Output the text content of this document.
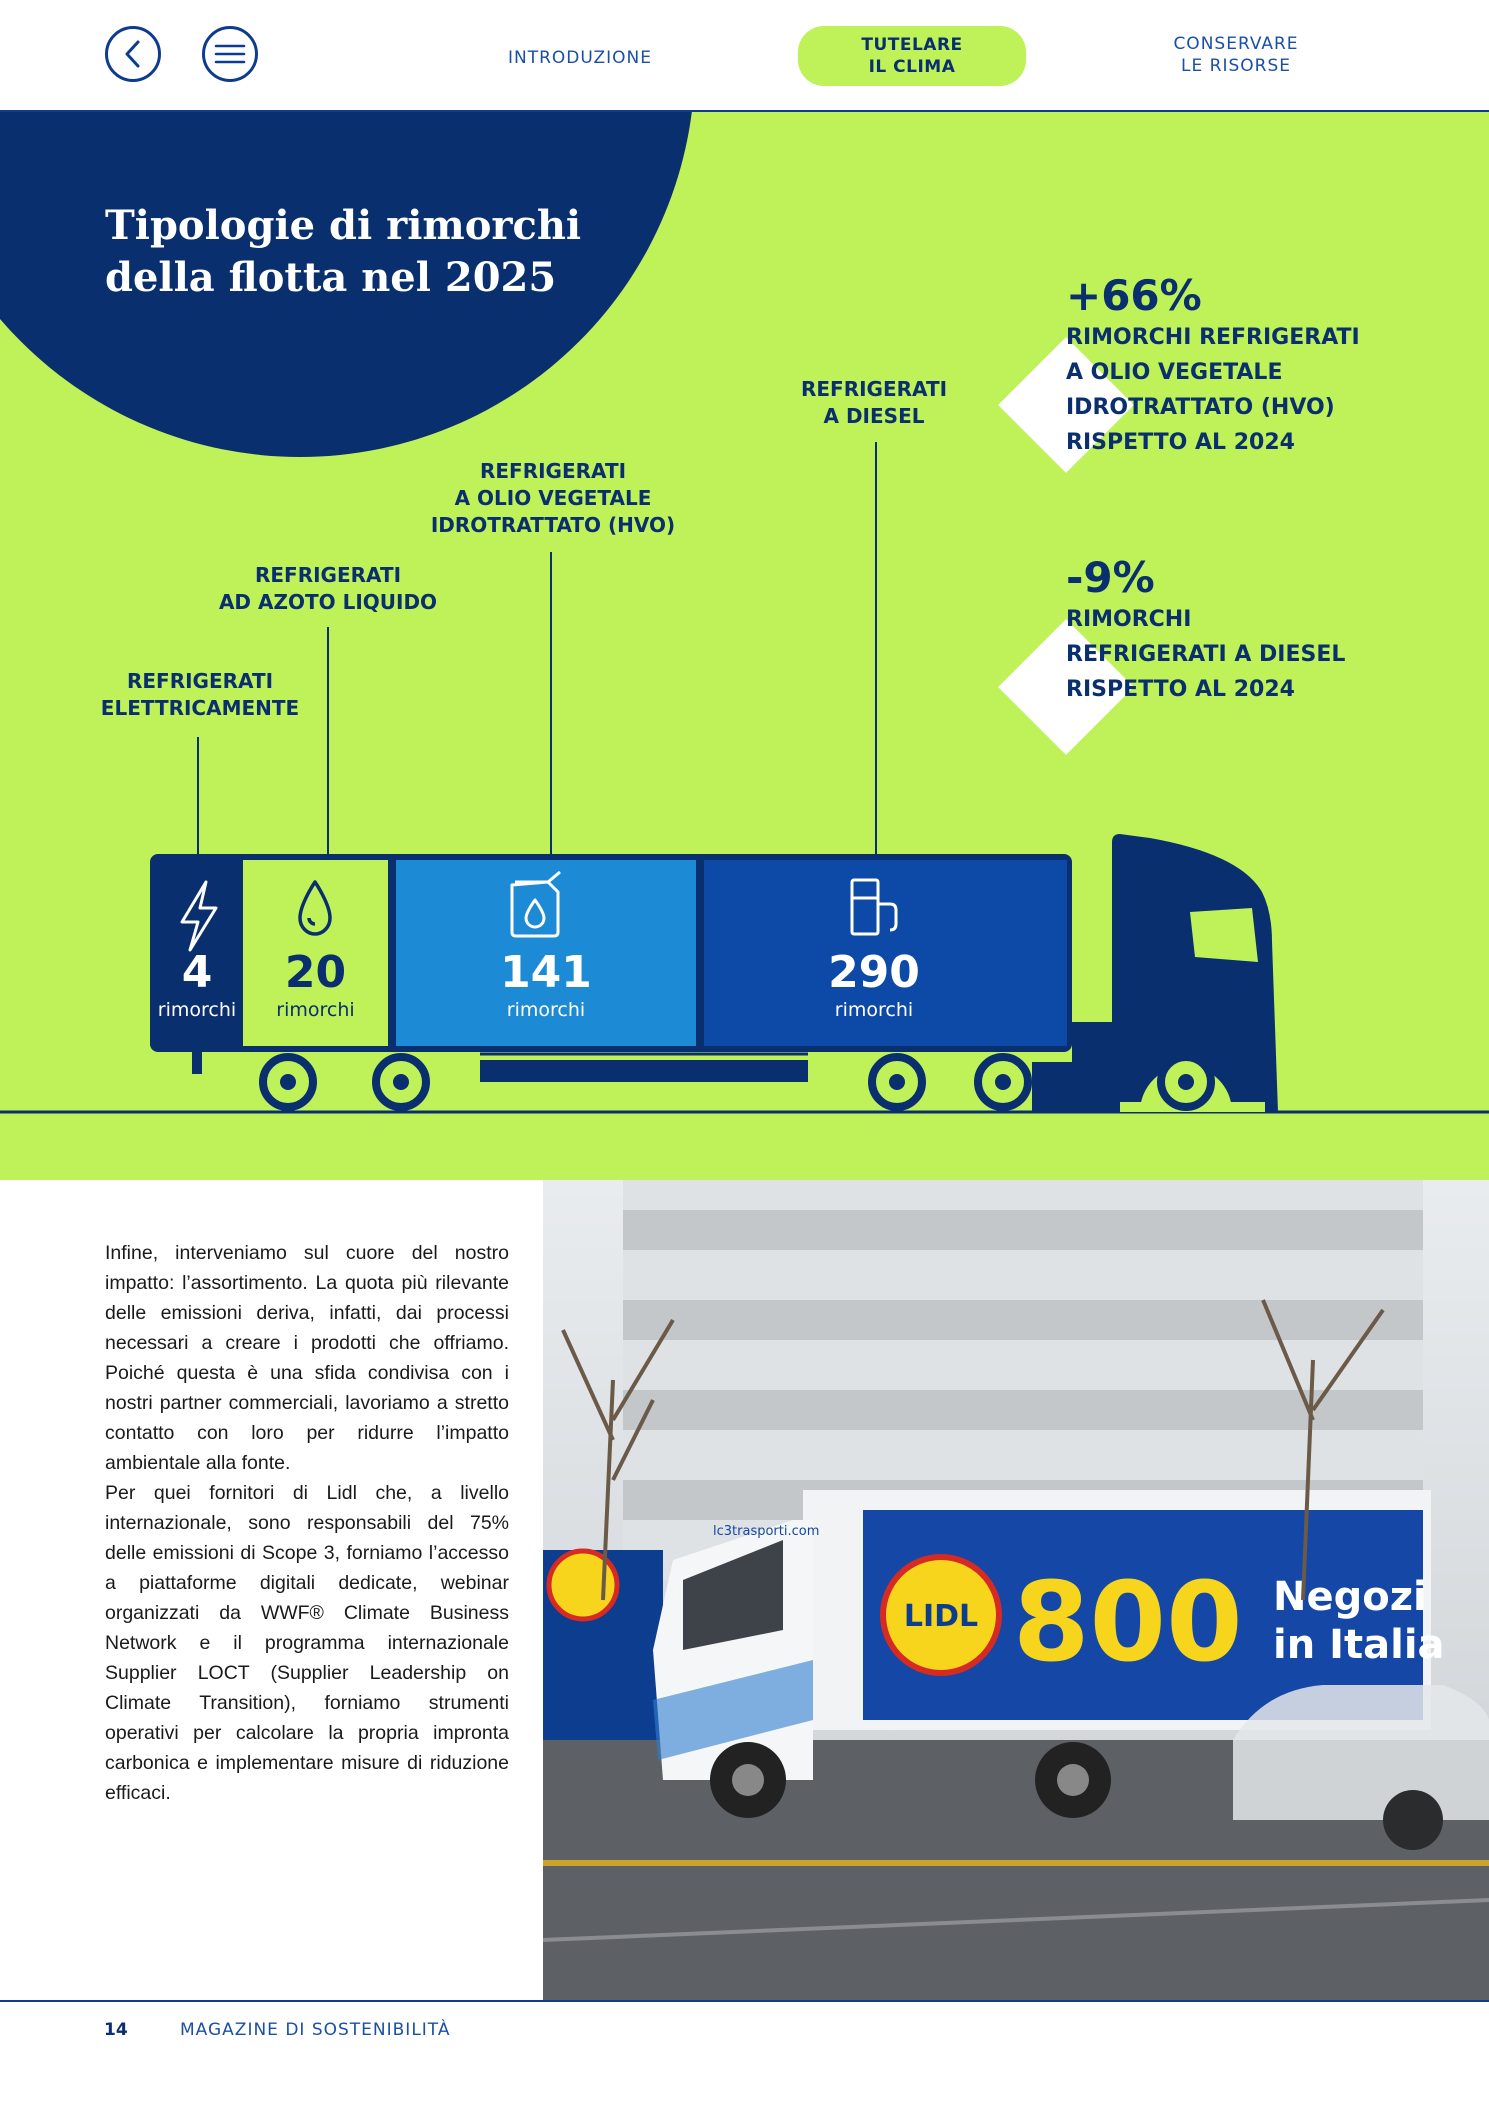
INTRODUZIONE
TUTELARE
IL CLIMA
CONSERVARE
LE RISORSE
Tipologie di rimorchi
della flotta nel 2025
REFRIGERATI
ELETTRICAMENTE
REFRIGERATI
AD AZOTO LIQUIDO
REFRIGERATI
A OLIO VEGETALE
IDROTRATTATO (HVO)
REFRIGERATI
A DIESEL
4
rimorchi
20
rimorchi
141
rimorchi
290
rimorchi
+66%
RIMORCHI REFRIGERATI
A OLIO VEGETALE
IDROTRATTATO (HVO)
RISPETTO AL 2024
-9%
RIMORCHI
REFRIGERATI A DIESEL
RISPETTO AL 2024

Infine, interveniamo sul cuore del nostro impatto: l’assortimento. La quota più rilevante delle emissioni deriva, infatti, dai processi necessari a creare i prodotti che offriamo. Poiché questa è una sfida condivisa con i nostri partner commerciali, lavoriamo a stretto contatto con loro per ridurre l’impatto ambientale alla fonte.

Per quei fornitori di Lidl che, a livello internazionale, sono responsabili del 75% delle emissioni di Scope 3, forniamo l’accesso a piattaforme digitali dedicate, webinar organizzati da WWF® Climate Business Network e il programma internazionale Supplier LOCT (Supplier Leadership on Climate Transition), forniamo strumenti operativi per calcolare la propria impronta carbonica e implementare misure di riduzione efficaci.

LIDL 800 Negozi
in Italia
lc3trasporti.com
14	MAGAZINE DI SOSTENIBILITÀ
